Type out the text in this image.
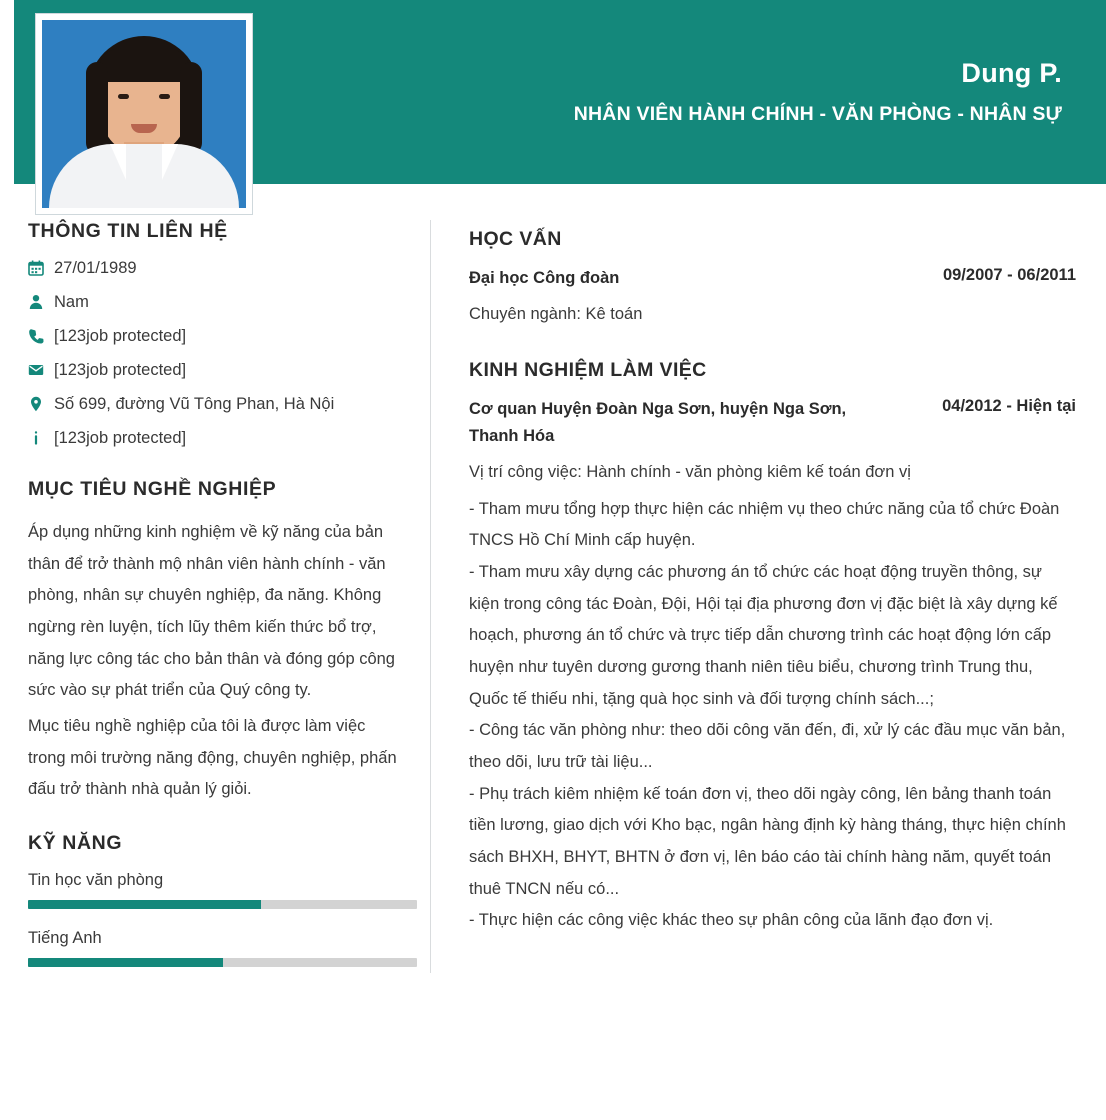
Dung P.
NHÂN VIÊN HÀNH CHÍNH - VĂN PHÒNG - NHÂN SỰ
THÔNG TIN LIÊN HỆ
27/01/1989
Nam
[123job protected]
[123job protected]
Số 699, đường Vũ Tông Phan, Hà Nội
[123job protected]
MỤC TIÊU NGHỀ NGHIỆP

Áp dụng những kinh nghiệm về kỹ năng của bản thân để trở thành mộ nhân viên hành chính - văn phòng, nhân sự chuyên nghiệp, đa năng. Không ngừng rèn luyện, tích lũy thêm kiến thức bổ trợ, năng lực công tác cho bản thân và đóng góp công sức vào sự phát triển của Quý công ty.

Mục tiêu nghề nghiệp của tôi là được làm việc trong môi trường năng động, chuyên nghiệp, phấn đấu trở thành nhà quản lý giỏi.

KỸ NĂNG
Tin học văn phòng
Tiếng Anh
HỌC VẤN
Đại học Công đoàn	09/2007 - 06/2011
Chuyên ngành: Kê toán
KINH NGHIỆM LÀM VIỆC
Cơ quan Huyện Đoàn Nga Sơn, huyện Nga Sơn, Thanh Hóa
04/2012 - Hiện tại
Vị trí công việc: Hành chính - văn phòng kiêm kế toán đơn vị

- Tham mưu tổng hợp thực hiện các nhiệm vụ theo chức năng của tổ chức Đoàn TNCS Hồ Chí Minh cấp huyện.

- Tham mưu xây dựng các phương án tổ chức các hoạt động truyền thông, sự kiện trong công tác Đoàn, Đội, Hội tại địa phương đơn vị đặc biệt là xây dựng kế hoạch, phương án tổ chức và trực tiếp dẫn chương trình các hoạt động lớn cấp huyện như tuyên dương gương thanh niên tiêu biểu, chương trình Trung thu, Quốc tế thiếu nhi, tặng quà học sinh và đối tượng chính sách...;

- Công tác văn phòng như: theo dõi công văn đến, đi, xử lý các đầu mục văn bản, theo dõi, lưu trữ tài liệu...

- Phụ trách kiêm nhiệm kế toán đơn vị, theo dõi ngày công, lên bảng thanh toán tiền lương, giao dịch với Kho bạc, ngân hàng định kỳ hàng tháng, thực hiện chính sách BHXH, BHYT, BHTN ở đơn vị, lên báo cáo tài chính hàng năm, quyết toán thuê TNCN nếu có...

- Thực hiện các công việc khác theo sự phân công của lãnh đạo đơn vị.
